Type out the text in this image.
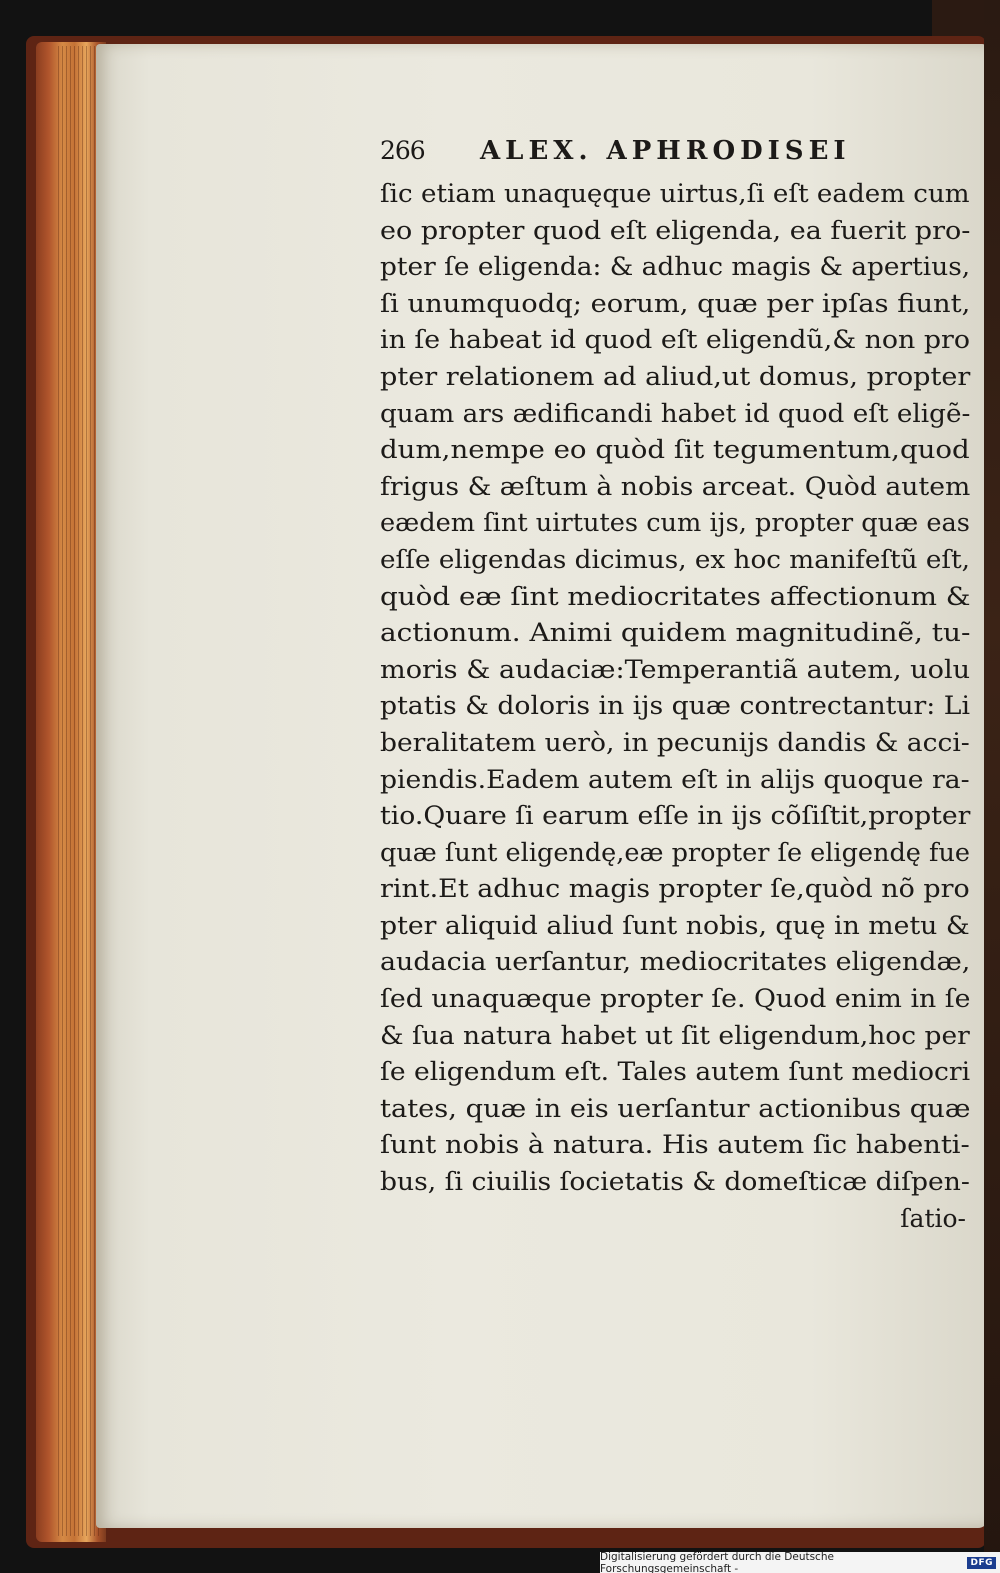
266	ALEX. APHRODISEI
ſic etiam unaquęque uirtus,ſi eſt eadem cum
eo propter quod eſt eligenda, ea fuerit pro-
pter ſe eligenda: & adhuc magis & apertius,
ſi unumquodq; eorum, quæ per ipſas fiunt,
in ſe habeat id quod eſt eligendũ,& non pro
pter relationem ad aliud,ut domus, propter
quam ars ædificandi habet id quod eſt eligẽ-
dum,nempe eo quòd ſit tegumentum,quod
frigus & æſtum à nobis arceat. Quòd autem
eædem ſint uirtutes cum ijs, propter quæ eas
eſſe eligendas dicimus, ex hoc manifeſtũ eſt,
quòd eæ ſint mediocritates affectionum &
actionum. Animi quidem magnitudinẽ, tu-
moris & audaciæ:Temperantiã autem, uolu
ptatis & doloris in ijs quæ contrectantur: Li
beralitatem uerò, in pecunijs dandis & acci-
piendis.Eadem autem eſt in alijs quoque ra-
tio.Quare ſi earum eſſe in ijs cõſiſtit,propter
quæ ſunt eligendę,eæ propter ſe eligendę fue
rint.Et adhuc magis propter ſe,quòd nõ pro
pter aliquid aliud ſunt nobis, quę in metu &
audacia uerſantur, mediocritates eligendæ,
ſed unaquæque propter ſe. Quod enim in ſe
& ſua natura habet ut ſit eligendum,hoc per
ſe eligendum eſt. Tales autem ſunt mediocri
tates, quæ in eis uerſantur actionibus quæ
ſunt nobis à natura. His autem ſic habenti-
bus, ſi ciuilis ſocietatis & domeſticæ diſpen-
ſatio-
Digitalisierung gefördert durch die Deutsche Forschungsgemeinschaft -	DFG
